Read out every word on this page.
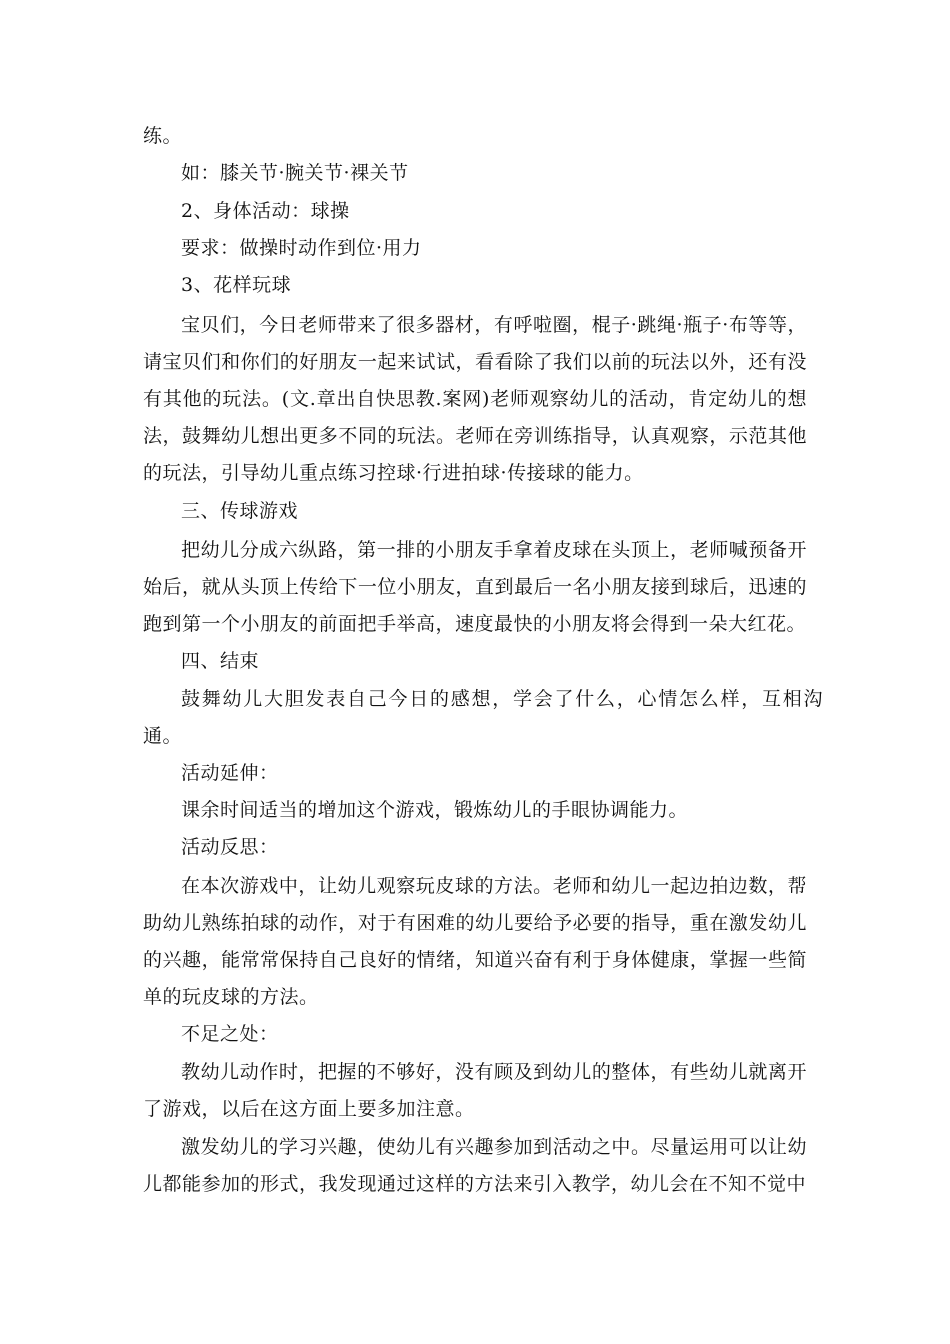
练。

如：膝关节·腕关节·裸关节

2、身体活动：球操

要求：做操时动作到位·用力

3、花样玩球

宝贝们，今日老师带来了很多器材，有呼啦圈，棍子·跳绳·瓶子·布等等，请宝贝们和你们的好朋友一起来试试，看看除了我们以前的玩法以外，还有没有其他的玩法。(文.章出自快思教.案网)老师观察幼儿的活动，肯定幼儿的想法，鼓舞幼儿想出更多不同的玩法。老师在旁训练指导，认真观察，示范其他的玩法，引导幼儿重点练习控球·行进拍球·传接球的能力。

三、传球游戏

把幼儿分成六纵路，第一排的小朋友手拿着皮球在头顶上，老师喊预备开始后，就从头顶上传给下一位小朋友，直到最后一名小朋友接到球后，迅速的跑到第一个小朋友的前面把手举高，速度最快的小朋友将会得到一朵大红花。

四、结束

鼓舞幼儿大胆发表自己今日的感想，学会了什么，心情怎么样，互相沟通。

活动延伸：

课余时间适当的增加这个游戏，锻炼幼儿的手眼协调能力。

活动反思：

在本次游戏中，让幼儿观察玩皮球的方法。老师和幼儿一起边拍边数，帮助幼儿熟练拍球的动作，对于有困难的幼儿要给予必要的指导，重在激发幼儿的兴趣，能常常保持自己良好的情绪，知道兴奋有利于身体健康，掌握一些简单的玩皮球的方法。

不足之处：

教幼儿动作时，把握的不够好，没有顾及到幼儿的整体，有些幼儿就离开了游戏，以后在这方面上要多加注意。

激发幼儿的学习兴趣，使幼儿有兴趣参加到活动之中。尽量运用可以让幼儿都能参加的形式，我发现通过这样的方法来引入教学，幼儿会在不知不觉中
